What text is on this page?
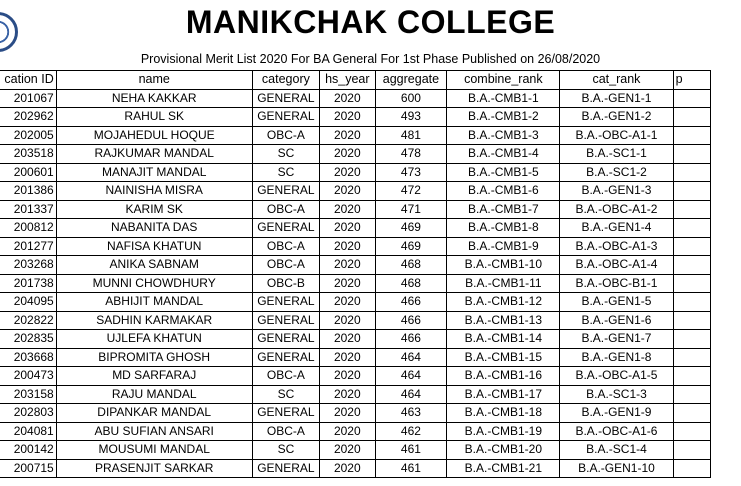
MANIKCHAK COLLEGE
Provisional Merit List 2020 For BA General For 1st Phase Published on 26/08/2020
cation ID	name	category	hs_year	aggregate	combine_rank	cat_rank	p
201067	NEHA KAKKAR	GENERAL	2020	600	B.A.-CMB1-1	B.A.-GEN1-1	
202962	RAHUL SK	GENERAL	2020	493	B.A.-CMB1-2	B.A.-GEN1-2	
202005	MOJAHEDUL HOQUE	OBC-A	2020	481	B.A.-CMB1-3	B.A.-OBC-A1-1	
203518	RAJKUMAR MANDAL	SC	2020	478	B.A.-CMB1-4	B.A.-SC1-1	
200601	MANAJIT MANDAL	SC	2020	473	B.A.-CMB1-5	B.A.-SC1-2	
201386	NAINISHA MISRA	GENERAL	2020	472	B.A.-CMB1-6	B.A.-GEN1-3	
201337	KARIM SK	OBC-A	2020	471	B.A.-CMB1-7	B.A.-OBC-A1-2	
200812	NABANITA DAS	GENERAL	2020	469	B.A.-CMB1-8	B.A.-GEN1-4	
201277	NAFISA KHATUN	OBC-A	2020	469	B.A.-CMB1-9	B.A.-OBC-A1-3	
203268	ANIKA SABNAM	OBC-A	2020	468	B.A.-CMB1-10	B.A.-OBC-A1-4	
201738	MUNNI CHOWDHURY	OBC-B	2020	468	B.A.-CMB1-11	B.A.-OBC-B1-1	
204095	ABHIJIT MANDAL	GENERAL	2020	466	B.A.-CMB1-12	B.A.-GEN1-5	
202822	SADHIN KARMAKAR	GENERAL	2020	466	B.A.-CMB1-13	B.A.-GEN1-6	
202835	UJLEFA KHATUN	GENERAL	2020	466	B.A.-CMB1-14	B.A.-GEN1-7	
203668	BIPROMITA GHOSH	GENERAL	2020	464	B.A.-CMB1-15	B.A.-GEN1-8	
200473	MD SARFARAJ	OBC-A	2020	464	B.A.-CMB1-16	B.A.-OBC-A1-5	
203158	RAJU MANDAL	SC	2020	464	B.A.-CMB1-17	B.A.-SC1-3	
202803	DIPANKAR MANDAL	GENERAL	2020	463	B.A.-CMB1-18	B.A.-GEN1-9	
204081	ABU SUFIAN ANSARI	OBC-A	2020	462	B.A.-CMB1-19	B.A.-OBC-A1-6	
200142	MOUSUMI MANDAL	SC	2020	461	B.A.-CMB1-20	B.A.-SC1-4	
200715	PRASENJIT SARKAR	GENERAL	2020	461	B.A.-CMB1-21	B.A.-GEN1-10	
